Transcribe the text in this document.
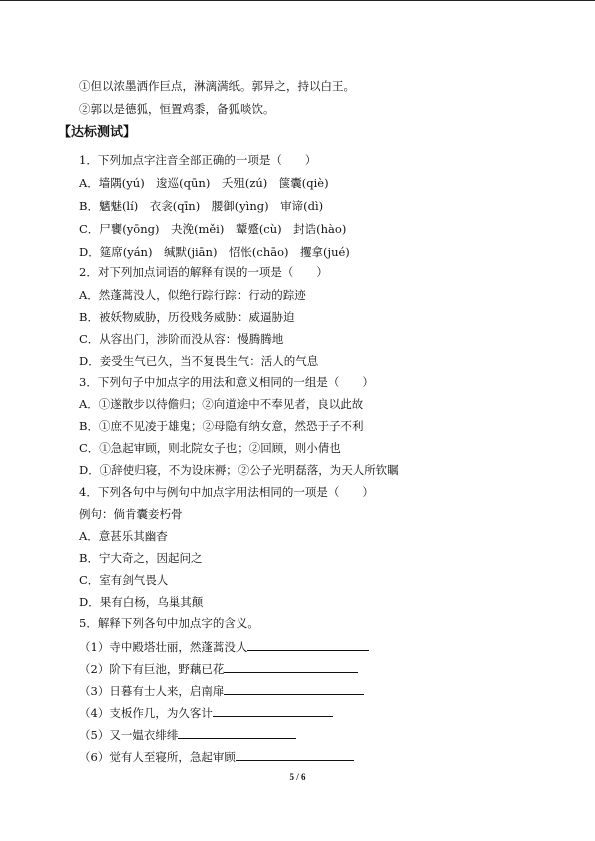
①但以浓墨洒作巨点，淋漓满纸。郭异之，持以白王。
②郭以是德狐，恒置鸡黍，备狐啖饮。
【达标测试】
1．下列加点字注音全部正确的一项是（　　）
A．墙隅(yú)　逡巡(qūn)　夭殂(zú)　箧囊(qiè)
B．魑魅(lí)　衣衾(qīn)　腰御(yìng)　审谛(dì)
C．尸饔(yōng)　夬浼(měi)　颦蹙(cù)　封诰(hào)
D．筵席(yán)　缄默(jiān)　怊怅(chāo)　攫拿(jué)
2．对下列加点词语的解释有误的一项是（　　）
A．然蓬蒿没人，似绝行踪行踪：行动的踪迹
B．被妖物威胁，历役贱务威胁：威逼胁迫
C．从容出门，涉阶而没从容：慢腾腾地
D．妾受生气已久，当不复畏生气：活人的气息
3．下列句子中加点字的用法和意义相同的一组是（　　）
A．①遂散步以待儋归；②向道途中不奉见者，良以此故
B．①庶不见凌于雄鬼；②母隐有纳女意，然恐于子不利
C．①急起审顾，则北院女子也；②回顾，则小倩也
D．①辞使归寝，不为设床褥；②公子光明磊落，为天人所钦瞩
4．下列各句中与例句中加点字用法相同的一项是（　　）
例句：倘肯囊妾朽骨
A．意甚乐其幽杳
B．宁大奇之，因起问之
C．室有剑气畏人
D．果有白杨，乌巢其颠
5．解释下列各句中加点字的含义。
（1）寺中殿塔壮丽，然蓬蒿没人
（2）阶下有巨池，野藕已花
（3）日暮有士人来，启南扉
（4）支板作几，为久客计
（5）又一媪衣绯绯
（6）觉有人至寝所，急起审顾
5 / 6
